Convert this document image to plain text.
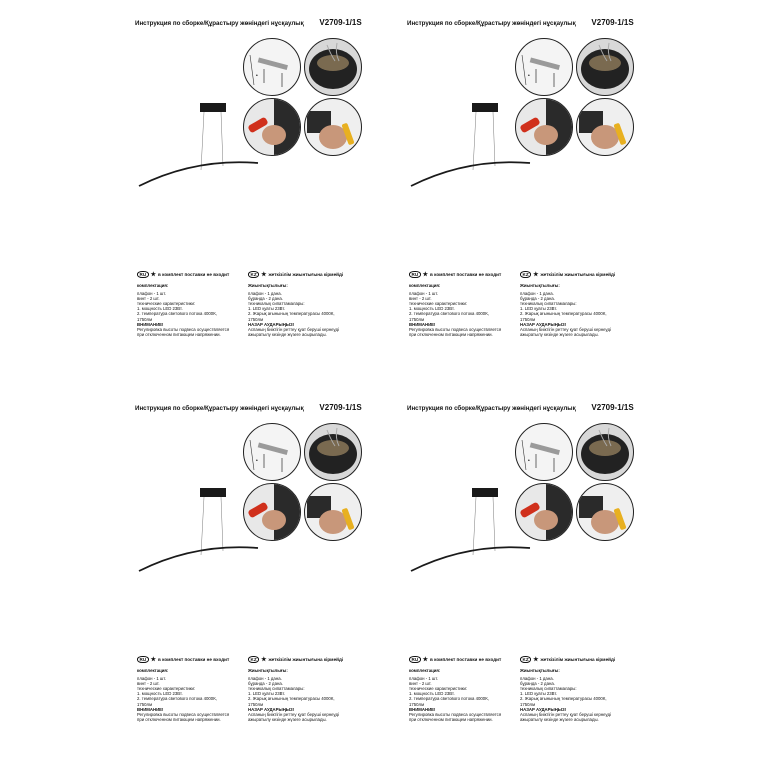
Инструкция по сборке/Құрастыру жөніндегі нұсқаулық V2709-1/1S
•
RU ★ в комплект поставки не входит
комплектация:
плафон - 1 шт.
винт - 2 шт.
технические характеристики:
1. мощность LED 23Вт.
2. температура светового потока 4000К,
1750лм
ВНИМАНИЕ!
Регулировка высоты подвеса осуществляется
при отключенном питающем напряжении.
KZ ★ жеткізілім жиынтығына кірмейді
Жиынтықтылығы:
плафон - 1 дана.
бұранда - 2 дана.
техникалық сипаттамалары:
1. LED қуаты 23Вт.
2. Жарық ағынының температурасы 4000К,
1750лм
НАЗАР АУДАРЫҢЫЗ!
Аспаның биіктігін реттеу қуат беруші кернеуді
ажыратылу кезінде жүзеге асырылады.
Инструкция по сборке/Құрастыру жөніндегі нұсқаулық V2709-1/1S
•
RU ★ в комплект поставки не входит
комплектация:
плафон - 1 шт.
винт - 2 шт.
технические характеристики:
1. мощность LED 23Вт.
2. температура светового потока 4000К,
1750лм
ВНИМАНИЕ!
Регулировка высоты подвеса осуществляется
при отключенном питающем напряжении.
KZ ★ жеткізілім жиынтығына кірмейді
Жиынтықтылығы:
плафон - 1 дана.
бұранда - 2 дана.
техникалық сипаттамалары:
1. LED қуаты 23Вт.
2. Жарық ағынының температурасы 4000К,
1750лм
НАЗАР АУДАРЫҢЫЗ!
Аспаның биіктігін реттеу қуат беруші кернеуді
ажыратылу кезінде жүзеге асырылады.
Инструкция по сборке/Құрастыру жөніндегі нұсқаулық V2709-1/1S
•
RU ★ в комплект поставки не входит
комплектация:
плафон - 1 шт.
винт - 2 шт.
технические характеристики:
1. мощность LED 23Вт.
2. температура светового потока 4000К,
1750лм
ВНИМАНИЕ!
Регулировка высоты подвеса осуществляется
при отключенном питающем напряжении.
KZ ★ жеткізілім жиынтығына кірмейді
Жиынтықтылығы:
плафон - 1 дана.
бұранда - 2 дана.
техникалық сипаттамалары:
1. LED қуаты 23Вт.
2. Жарық ағынының температурасы 4000К,
1750лм
НАЗАР АУДАРЫҢЫЗ!
Аспаның биіктігін реттеу қуат беруші кернеуді
ажыратылу кезінде жүзеге асырылады.
Инструкция по сборке/Құрастыру жөніндегі нұсқаулық V2709-1/1S
•
RU ★ в комплект поставки не входит
комплектация:
плафон - 1 шт.
винт - 2 шт.
технические характеристики:
1. мощность LED 23Вт.
2. температура светового потока 4000К,
1750лм
ВНИМАНИЕ!
Регулировка высоты подвеса осуществляется
при отключенном питающем напряжении.
KZ ★ жеткізілім жиынтығына кірмейді
Жиынтықтылығы:
плафон - 1 дана.
бұранда - 2 дана.
техникалық сипаттамалары:
1. LED қуаты 23Вт.
2. Жарық ағынының температурасы 4000К,
1750лм
НАЗАР АУДАРЫҢЫЗ!
Аспаның биіктігін реттеу қуат беруші кернеуді
ажыратылу кезінде жүзеге асырылады.
